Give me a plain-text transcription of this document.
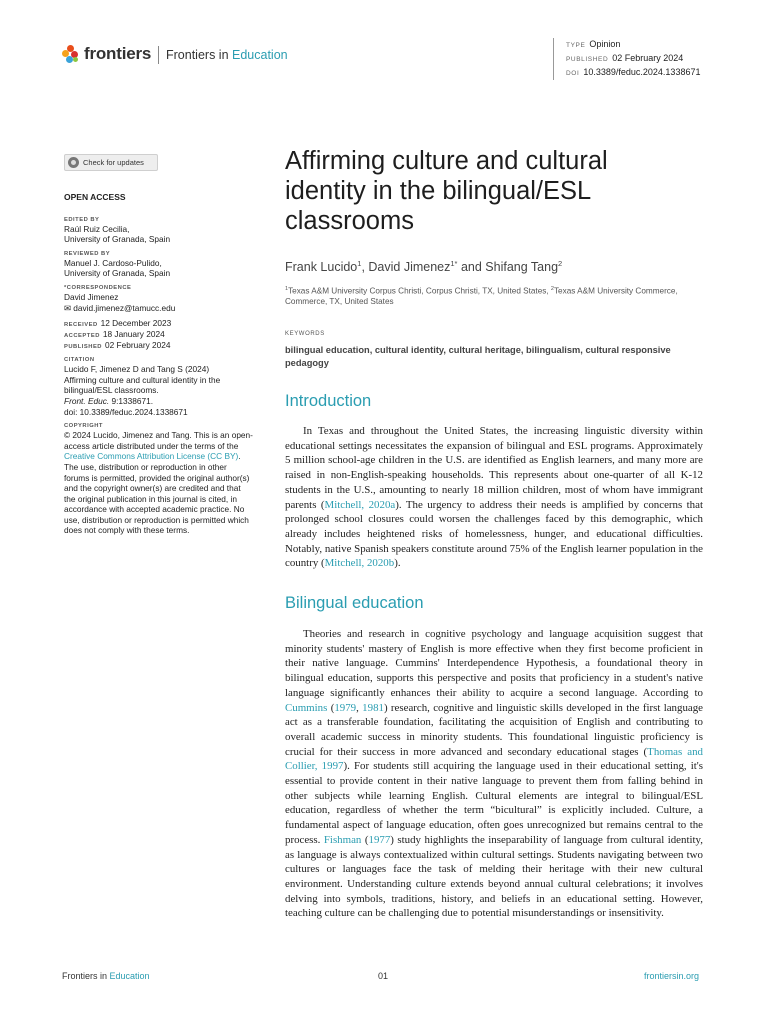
frontiers Frontiers in Education
TYPE Opinion
PUBLISHED 02 February 2024
DOI 10.3389/feduc.2024.1338671
Check for updates
OPEN ACCESS
EDITED BY
Raúl Ruiz Cecilia,
University of Granada, Spain
REVIEWED BY
Manuel J. Cardoso-Pulido,
University of Granada, Spain
*CORRESPONDENCE
David Jimenez
✉ david.jimenez@tamucc.edu
RECEIVED 12 December 2023
ACCEPTED 18 January 2024
PUBLISHED 02 February 2024
CITATION
Lucido F, Jimenez D and Tang S (2024)
Affirming culture and cultural identity in the
bilingual/ESL classrooms.
Front. Educ. 9:1338671.
doi: 10.3389/feduc.2024.1338671
COPYRIGHT
© 2024 Lucido, Jimenez and Tang. This is an open-access article distributed under the terms of the Creative Commons Attribution License (CC BY). The use, distribution or reproduction in other forums is permitted, provided the original author(s) and the copyright owner(s) are credited and that the original publication in this journal is cited, in accordance with accepted academic practice. No use, distribution or reproduction is permitted which does not comply with these terms.
Affirming culture and cultural identity in the bilingual/ESL classrooms
Frank Lucido$^1$, David Jimenez$^{1*}$ and Shifang Tang$^2$
$^1$Texas A&M University Corpus Christi, Corpus Christi, TX, United States, $^2$Texas A&M University Commerce, Commerce, TX, United States
KEYWORDS
bilingual education, cultural identity, cultural heritage, bilingualism, cultural responsive pedagogy
Introduction
In Texas and throughout the United States, the increasing linguistic diversity within educational settings necessitates the expansion of bilingual and ESL programs. Approximately 5 million school-age children in the U.S. are identified as English learners, and many more are raised in non-English-speaking households. This represents about one-quarter of all K-12 students in the U.S., amounting to nearly 18 million children, most of whom have immigrant parents (Mitchell, 2020a). The urgency to address their needs is amplified by concerns that prolonged school closures could worsen the challenges faced by this demographic, which already includes heightened risks of homelessness, hunger, and educational difficulties. Notably, native Spanish speakers constitute around 75% of the English learner population in the country (Mitchell, 2020b).
Bilingual education
Theories and research in cognitive psychology and language acquisition suggest that minority students' mastery of English is more effective when they first become proficient in their native language. Cummins' Interdependence Hypothesis, a foundational theory in bilingual education, supports this perspective and posits that proficiency in a student's native language significantly enhances their ability to acquire a second language. According to Cummins (1979, 1981) research, cognitive and linguistic skills developed in the first language act as a transferable foundation, facilitating the acquisition of English and contributing to overall academic success in minority students. This foundational linguistic proficiency is crucial for their success in more advanced and secondary educational stages (Thomas and Collier, 1997). For students still acquiring the language used in their educational setting, it's essential to provide content in their native language to prevent them from falling behind in other subjects while learning English. Cultural elements are integral to bilingual/ESL education, regardless of whether the term “bicultural” is explicitly included. Culture, a fundamental aspect of language education, often goes unrecognized but remains central to the process. Fishman (1977) study highlights the inseparability of language from cultural identity, as language is always contextualized within cultural settings. Students navigating between two cultures or languages face the task of melding their heritage with their new cultural environment. Understanding culture extends beyond annual cultural celebrations; it involves delving into symbols, traditions, history, and beliefs in an educational setting. However, teaching culture can be challenging due to potential misunderstandings or insensitivity.
Frontiers in Education	01	frontiersin.org
